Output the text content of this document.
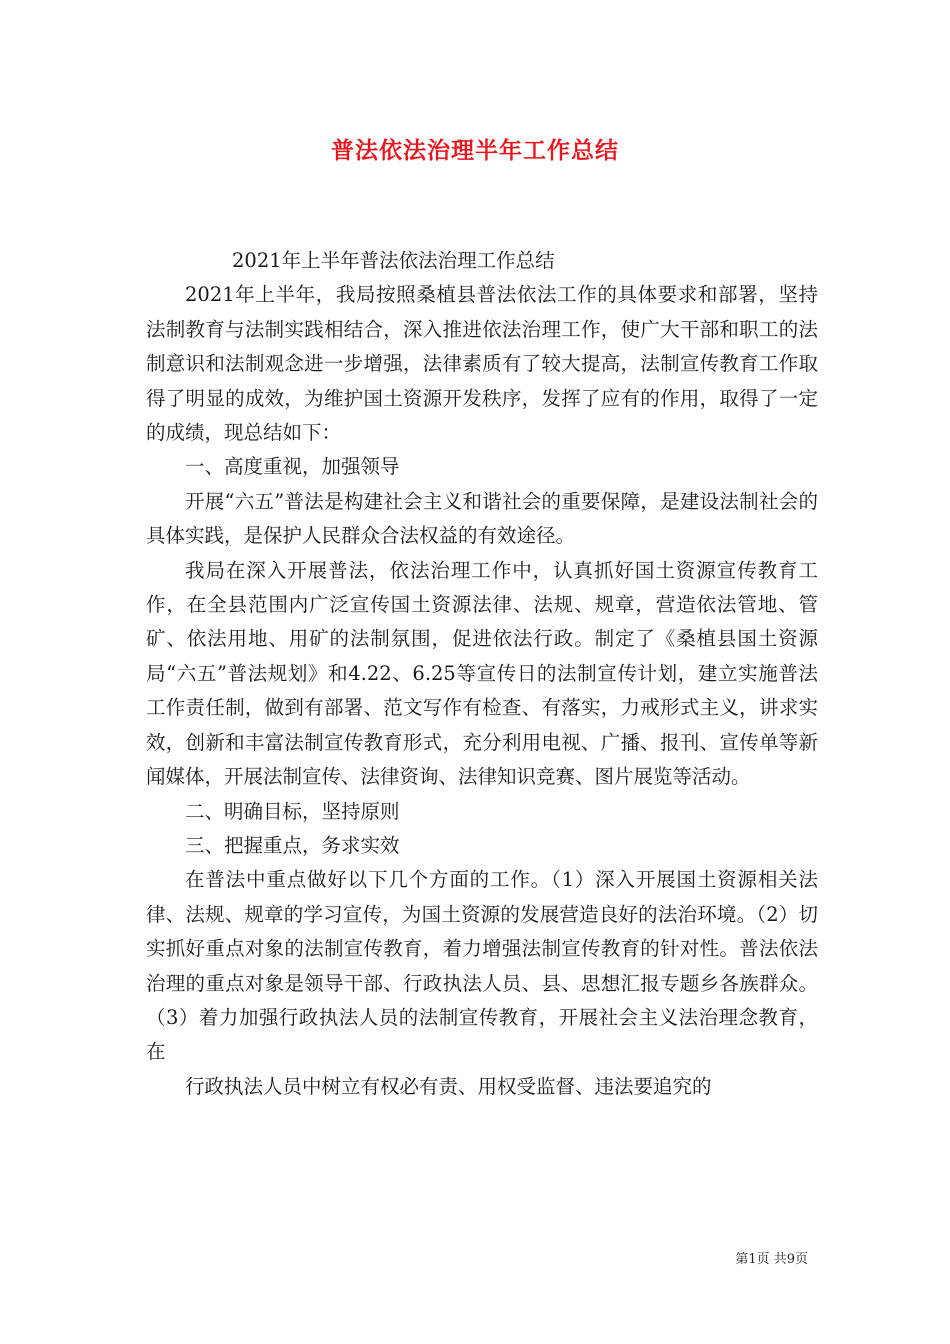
普法依法治理半年工作总结

2021年上半年普法依法治理工作总结

2021年上半年，我局按照桑植县普法依法工作的具体要求和部署，坚持法制教育与法制实践相结合，深入推进依法治理工作，使广大干部和职工的法制意识和法制观念进一步增强，法律素质有了较大提高，法制宣传教育工作取得了明显的成效，为维护国土资源开发秩序，发挥了应有的作用，取得了一定的成绩，现总结如下：

一、高度重视，加强领导

开展“六五”普法是构建社会主义和谐社会的重要保障，是建设法制社会的具体实践，是保护人民群众合法权益的有效途径。

我局在深入开展普法，依法治理工作中，认真抓好国土资源宣传教育工作，在全县范围内广泛宣传国土资源法律、法规、规章，营造依法管地、管矿、依法用地、用矿的法制氛围，促进依法行政。制定了《桑植县国土资源局“六五”普法规划》和4.22、6.25等宣传日的法制宣传计划，建立实施普法工作责任制，做到有部署、范文写作有检查、有落实，力戒形式主义，讲求实效，创新和丰富法制宣传教育形式，充分利用电视、广播、报刊、宣传单等新闻媒体，开展法制宣传、法律资询、法律知识竞赛、图片展览等活动。

二、明确目标，坚持原则

三、把握重点，务求实效

在普法中重点做好以下几个方面的工作。（1）深入开展国土资源相关法律、法规、规章的学习宣传，为国土资源的发展营造良好的法治环境。（2）切实抓好重点对象的法制宣传教育，着力增强法制宣传教育的针对性。普法依法治理的重点对象是领导干部、行政执法人员、县、思想汇报专题乡各族群众。（3）着力加强行政执法人员的法制宣传教育，开展社会主义法治理念教育，在

行政执法人员中树立有权必有责、用权受监督、违法要追究的

第1页 共9页
